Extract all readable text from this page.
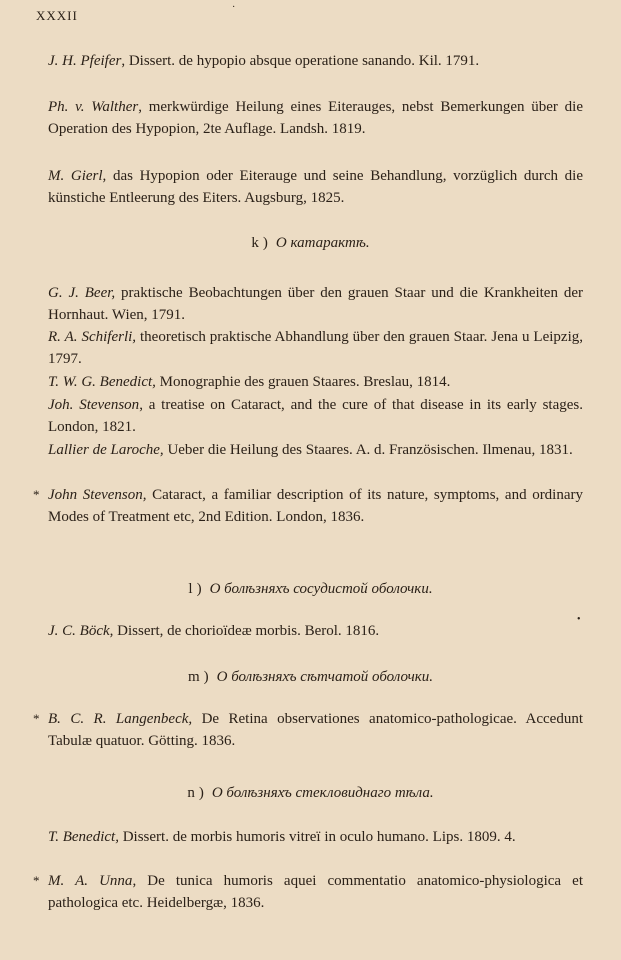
XXXII
·
J. H. Pfeifer, Dissert. de hypopio absque operatione sanando. Kil. 1791.
Ph. v. Walther, merkwürdige Heilung eines Eiterauges, nebst Bemerkungen über die Operation des Hypopion, 2te Auflage. Landsh. 1819.
M. Gierl, das Hypopion oder Eiterauge und seine Behandlung, vorzüglich durch die künstiche Entleerung des Eiters. Augsburg, 1825.
k ) О катарактѣ.
G. J. Beer, praktische Beobachtungen über den grauen Staar und die Krankheiten der Hornhaut. Wien, 1791.
R. A. Schiferli, theoretisch praktische Abhandlung über den grauen Staar. Jena u Leipzig, 1797.
T. W. G. Benedict, Monographie des grauen Staares. Breslau, 1814.
Joh. Stevenson, a treatise on Cataract, and the cure of that disease in its early stages. London, 1821.
Lallier de Laroche, Ueber die Heilung des Staares. A. d. Französischen. Ilmenau, 1831.
* John Stevenson, Cataract, a familiar description of its nature, symptoms, and ordinary Modes of Treatment etc, 2nd Edition. London, 1836.
l ) О болѣзняхъ сосудистой оболочки.
J. C. Böck, Dissert, de chorioïdeæ morbis. Berol. 1816.
•
m ) О болѣзняхъ сѣтчатой оболочки.
* B. C. R. Langenbeck, De Retina observationes anatomico-pathologicae. Accedunt Tabulæ quatuor. Götting. 1836.
n ) О болѣзняхъ стекловиднаго тѣла.
T. Benedict, Dissert. de morbis humoris vitreï in oculo humano. Lips. 1809. 4.
* M. A. Unna, De tunica humoris aquei commentatio anatomico-physiologica et pathologica etc. Heidelbergæ, 1836.
